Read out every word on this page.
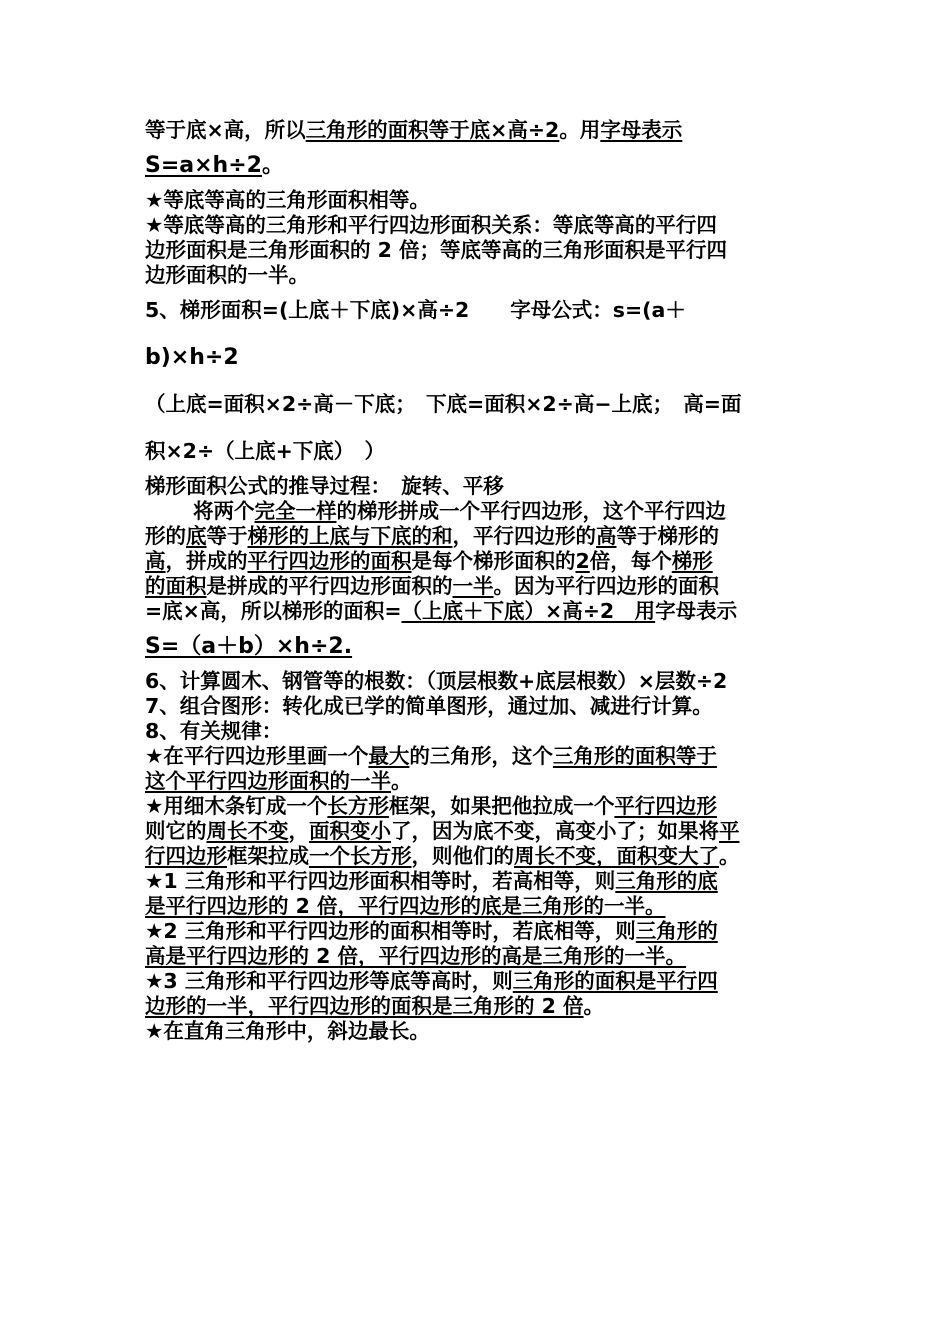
等于底×高，所以三角形的面积等于底×高÷2。用字母表示
S=a×h÷2。
★等底等高的三角形面积相等。
★等底等高的三角形和平行四边形面积关系：等底等高的平行四
边形面积是三角形面积的 2 倍；等底等高的三角形面积是平行四
边形面积的一半。
5、梯形面积=(上底＋下底)×高÷2　　字母公式：s=(a＋
b)×h÷2
（上底=面积×2÷高－下底；　下底=面积×2÷高−上底；　高=面
积×2÷（上底+下底）　）
梯形面积公式的推导过程：　旋转、平移
将两个完全一样的梯形拼成一个平行四边形，这个平行四边
形的底等于梯形的上底与下底的和，平行四边形的高等于梯形的
高，拼成的平行四边形的面积是每个梯形面积的2倍，每个梯形
的面积是拼成的平行四边形面积的一半。因为平行四边形的面积
=底×高，所以梯形的面积=（上底＋下底）×高÷2　用字母表示
S=（a＋b）×h÷2.
6、计算圆木、钢管等的根数：（顶层根数+底层根数）×层数÷2
7、组合图形：转化成已学的简单图形，通过加、减进行计算。
8、有关规律：
★在平行四边形里画一个最大的三角形，这个三角形的面积等于
这个平行四边形面积的一半。
★用细木条钉成一个长方形框架，如果把他拉成一个平行四边形
则它的周长不变，面积变小了，因为底不变，高变小了；如果将平
行四边形框架拉成一个长方形，则他们的周长不变，面积变大了。
★1 三角形和平行四边形面积相等时，若高相等，则三角形的底
是平行四边形的 2 倍，平行四边形的底是三角形的一半。
★2 三角形和平行四边形的面积相等时，若底相等，则三角形的
高是平行四边形的 2 倍，平行四边形的高是三角形的一半。
★3 三角形和平行四边形等底等高时，则三角形的面积是平行四
边形的一半，平行四边形的面积是三角形的 2 倍。
★在直角三角形中，斜边最长。
